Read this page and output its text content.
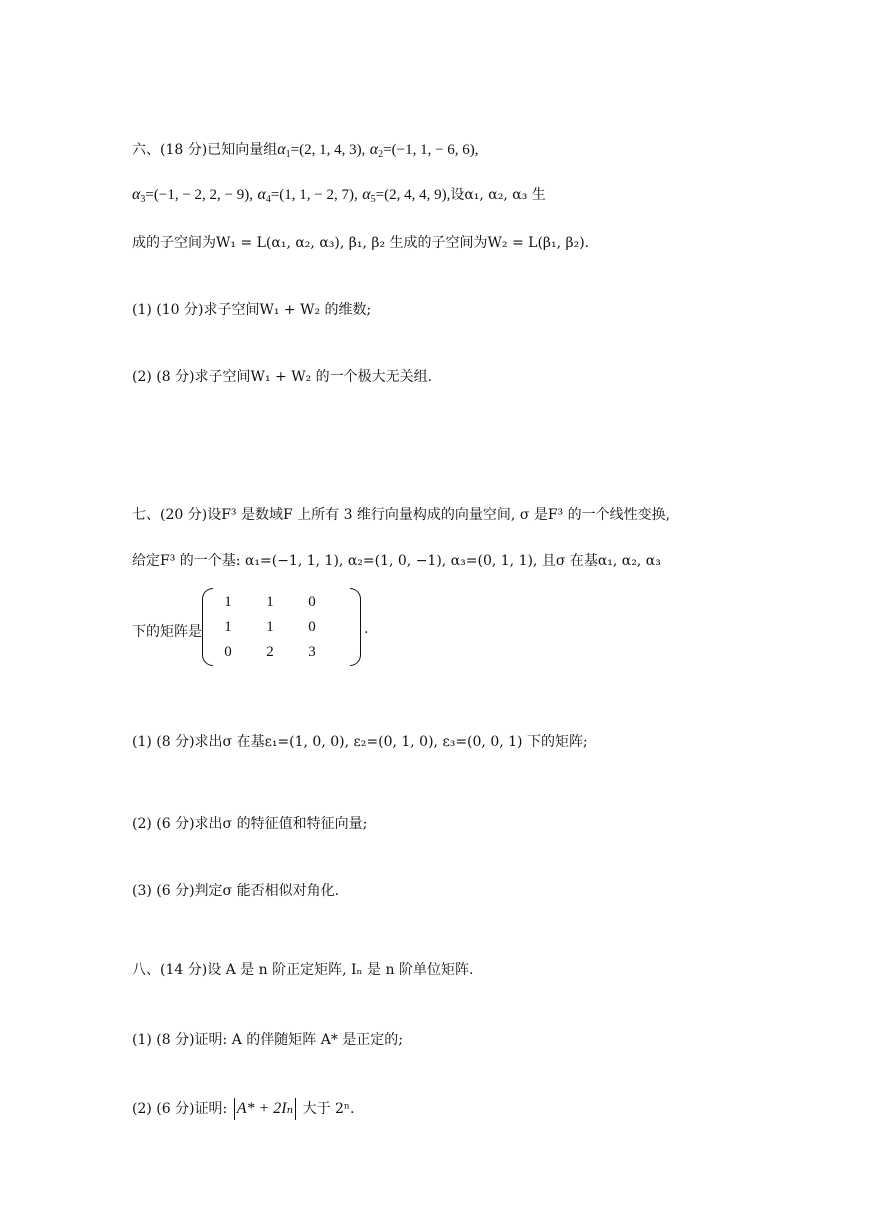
六、(18 分)已知向量组$\alpha_1=(2$, 1, 4, 3), $\alpha_2=(-1$, 1, − 6, 6),
$\alpha_3=(-1$, − 2, 2, − 9), $\alpha_4=(1$, 1, − 2, 7), $\alpha_5=(2$, 4, 4, 9),设α₁, α₂, α₃ 生
成的子空间为W₁ = L(α₁, α₂, α₃), β₁, β₂ 生成的子空间为W₂ = L(β₁, β₂).
(1) (10 分)求子空间W₁ + W₂ 的维数;
(2) (8 分)求子空间W₁ + W₂ 的一个极大无关组.
七、(20 分)设F³ 是数域F 上所有 3 维行向量构成的向量空间, σ 是F³ 的一个线性变换,
给定F³ 的一个基: α₁=(−1, 1, 1), α₂=(1, 0, −1), α₃=(0, 1, 1), 且σ 在基α₁, α₂, α₃
下的矩阵是
1	1	0
1	1	0
0	2	3
.
(1) (8 分)求出σ 在基ε₁=(1, 0, 0), ε₂=(0, 1, 0), ε₃=(0, 0, 1) 下的矩阵;
(2) (6 分)求出σ 的特征值和特征向量;
(3) (6 分)判定σ 能否相似对角化.
八、(14 分)设 A 是 n 阶正定矩阵, Iₙ 是 n 阶单位矩阵.
(1) (8 分)证明: A 的伴随矩阵 A* 是正定的;
(2) (6 分)证明: A* + 2Iₙ 大于 2ⁿ.
